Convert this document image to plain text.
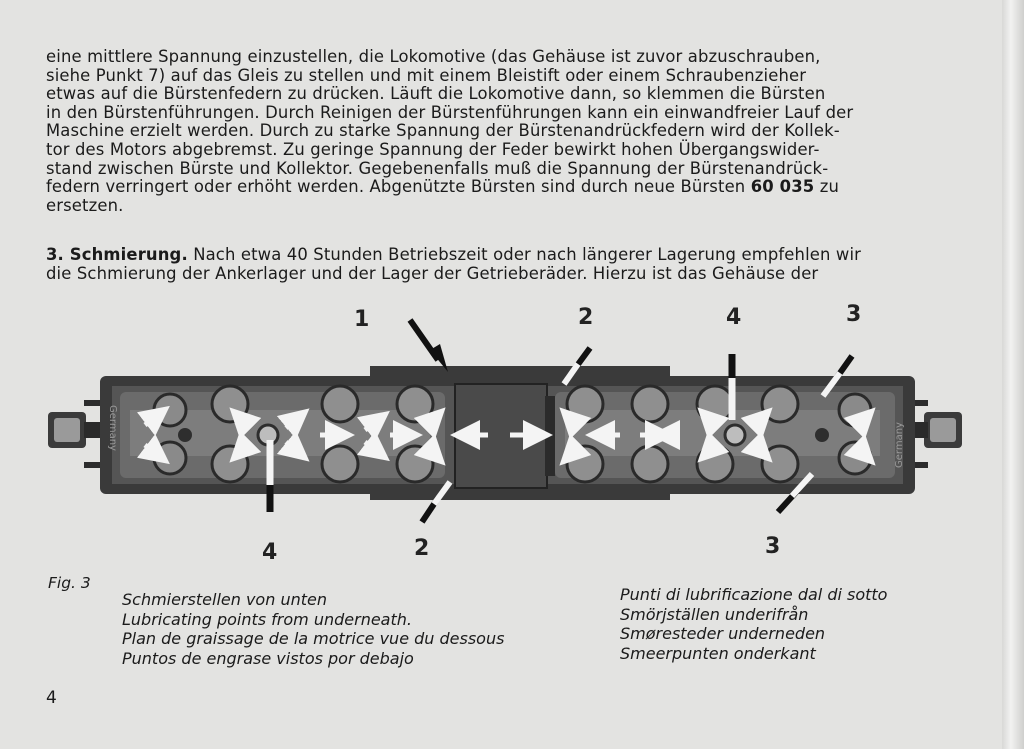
eine mittlere Spannung einzustellen, die Lokomotive (das Gehäuse ist zuvor abzuschrauben,
siehe Punkt 7) auf das Gleis zu stellen und mit einem Bleistift oder einem Schraubenzieher
etwas auf die Bürstenfedern zu drücken. Läuft die Lokomotive dann, so klemmen die Bürsten
in den Bürstenführungen. Durch Reinigen der Bürstenführungen kann ein einwandfreier Lauf der
Maschine erzielt werden. Durch zu starke Spannung der Bürstenandrückfedern wird der Kollek-
tor des Motors abgebremst. Zu geringe Spannung der Feder bewirkt hohen Übergangswider-
stand zwischen Bürste und Kollektor. Gegebenenfalls muß die Spannung der Bürstenandrück-
federn verringert oder erhöht werden. Abgenützte Bürsten sind durch neue Bürsten 60 035 zu
ersetzen.
3. Schmierung. Nach etwa 40 Stunden Betriebszeit oder nach längerer Lagerung empfehlen wir
die Schmierung der Ankerlager und der Lager der Getrieberäder. Hierzu ist das Gehäuse der
Germany	Germany
1	2	4	3
4	2	3
Fig. 3
Schmierstellen von unten
Lubricating points from underneath.
Plan de graissage de la motrice vue du dessous
Puntos de engrase vistos por debajo
Punti di lubrificazione dal di sotto
Smörjställen underifrån
Smøresteder underneden
Smeerpunten onderkant
4
